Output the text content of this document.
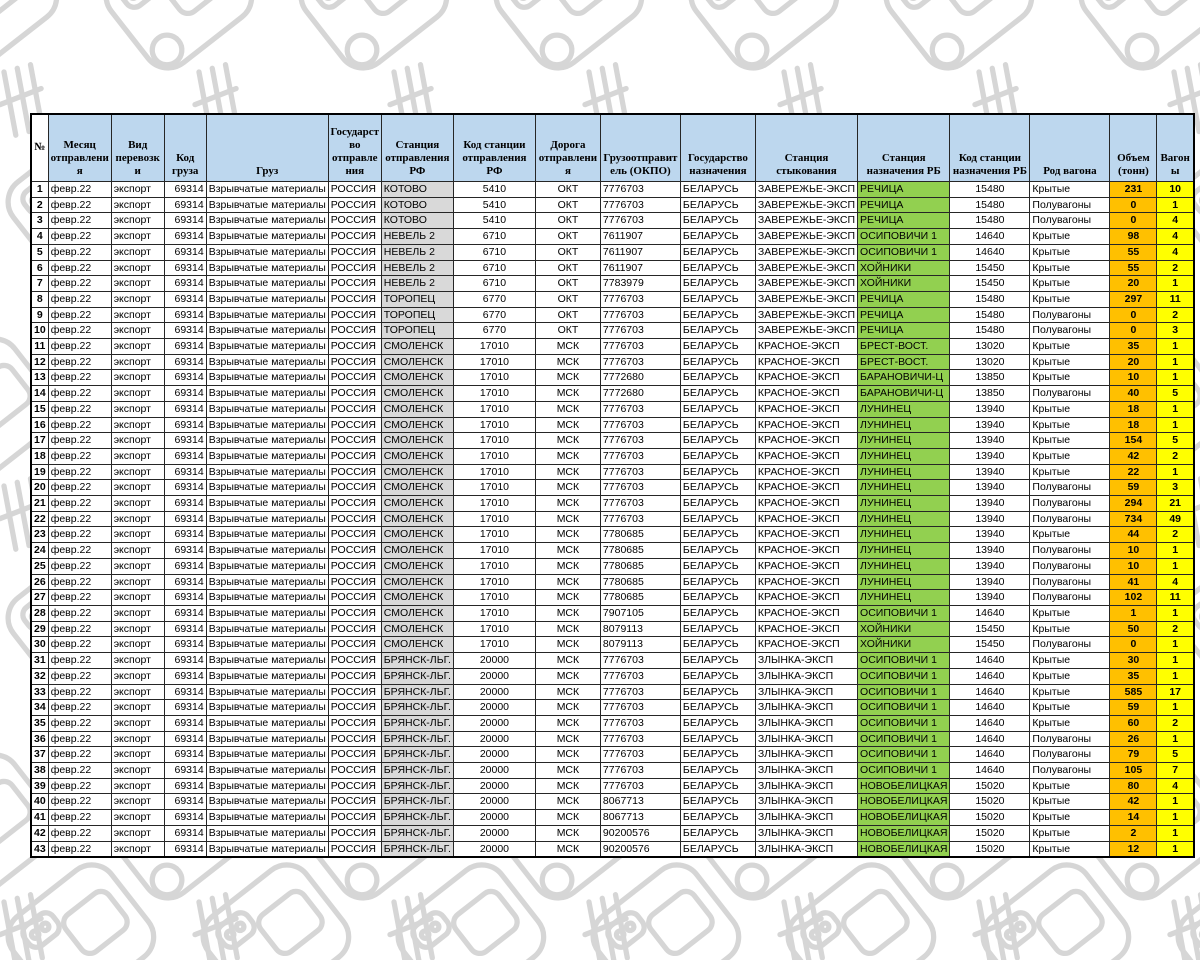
№	Месяц отправления	Вид перевозки	Код груза	Груз	Государство отправления	Станция отправления РФ	Код станции отправления РФ	Дорога отправления	Грузоотправитель (ОКПО)	Государство назначения	Станция стыкования	Станция назначения РБ	Код станции назначения РБ	Род вагона	Объем (тонн)	Вагоны
1	февр.22	экспорт	69314	Взрывчатые материалы	РОССИЯ	КОТОВО	5410	ОКТ	7776703	БЕЛАРУСЬ	ЗАВЕРЕЖЬЕ-ЭКСП	РЕЧИЦА	15480	Крытые	231	10
2	февр.22	экспорт	69314	Взрывчатые материалы	РОССИЯ	КОТОВО	5410	ОКТ	7776703	БЕЛАРУСЬ	ЗАВЕРЕЖЬЕ-ЭКСП	РЕЧИЦА	15480	Полувагоны	0	1
3	февр.22	экспорт	69314	Взрывчатые материалы	РОССИЯ	КОТОВО	5410	ОКТ	7776703	БЕЛАРУСЬ	ЗАВЕРЕЖЬЕ-ЭКСП	РЕЧИЦА	15480	Полувагоны	0	4
4	февр.22	экспорт	69314	Взрывчатые материалы	РОССИЯ	НЕВЕЛЬ 2	6710	ОКТ	7611907	БЕЛАРУСЬ	ЗАВЕРЕЖЬЕ-ЭКСП	ОСИПОВИЧИ 1	14640	Крытые	98	4
5	февр.22	экспорт	69314	Взрывчатые материалы	РОССИЯ	НЕВЕЛЬ 2	6710	ОКТ	7611907	БЕЛАРУСЬ	ЗАВЕРЕЖЬЕ-ЭКСП	ОСИПОВИЧИ 1	14640	Крытые	55	4
6	февр.22	экспорт	69314	Взрывчатые материалы	РОССИЯ	НЕВЕЛЬ 2	6710	ОКТ	7611907	БЕЛАРУСЬ	ЗАВЕРЕЖЬЕ-ЭКСП	ХОЙНИКИ	15450	Крытые	55	2
7	февр.22	экспорт	69314	Взрывчатые материалы	РОССИЯ	НЕВЕЛЬ 2	6710	ОКТ	7783979	БЕЛАРУСЬ	ЗАВЕРЕЖЬЕ-ЭКСП	ХОЙНИКИ	15450	Крытые	20	1
8	февр.22	экспорт	69314	Взрывчатые материалы	РОССИЯ	ТОРОПЕЦ	6770	ОКТ	7776703	БЕЛАРУСЬ	ЗАВЕРЕЖЬЕ-ЭКСП	РЕЧИЦА	15480	Крытые	297	11
9	февр.22	экспорт	69314	Взрывчатые материалы	РОССИЯ	ТОРОПЕЦ	6770	ОКТ	7776703	БЕЛАРУСЬ	ЗАВЕРЕЖЬЕ-ЭКСП	РЕЧИЦА	15480	Полувагоны	0	2
10	февр.22	экспорт	69314	Взрывчатые материалы	РОССИЯ	ТОРОПЕЦ	6770	ОКТ	7776703	БЕЛАРУСЬ	ЗАВЕРЕЖЬЕ-ЭКСП	РЕЧИЦА	15480	Полувагоны	0	3
11	февр.22	экспорт	69314	Взрывчатые материалы	РОССИЯ	СМОЛЕНСК	17010	МСК	7776703	БЕЛАРУСЬ	КРАСНОЕ-ЭКСП	БРЕСТ-ВОСТ.	13020	Крытые	35	1
12	февр.22	экспорт	69314	Взрывчатые материалы	РОССИЯ	СМОЛЕНСК	17010	МСК	7776703	БЕЛАРУСЬ	КРАСНОЕ-ЭКСП	БРЕСТ-ВОСТ.	13020	Крытые	20	1
13	февр.22	экспорт	69314	Взрывчатые материалы	РОССИЯ	СМОЛЕНСК	17010	МСК	7772680	БЕЛАРУСЬ	КРАСНОЕ-ЭКСП	БАРАНОВИЧИ-Ц	13850	Крытые	10	1
14	февр.22	экспорт	69314	Взрывчатые материалы	РОССИЯ	СМОЛЕНСК	17010	МСК	7772680	БЕЛАРУСЬ	КРАСНОЕ-ЭКСП	БАРАНОВИЧИ-Ц	13850	Полувагоны	40	5
15	февр.22	экспорт	69314	Взрывчатые материалы	РОССИЯ	СМОЛЕНСК	17010	МСК	7776703	БЕЛАРУСЬ	КРАСНОЕ-ЭКСП	ЛУНИНЕЦ	13940	Крытые	18	1
16	февр.22	экспорт	69314	Взрывчатые материалы	РОССИЯ	СМОЛЕНСК	17010	МСК	7776703	БЕЛАРУСЬ	КРАСНОЕ-ЭКСП	ЛУНИНЕЦ	13940	Крытые	18	1
17	февр.22	экспорт	69314	Взрывчатые материалы	РОССИЯ	СМОЛЕНСК	17010	МСК	7776703	БЕЛАРУСЬ	КРАСНОЕ-ЭКСП	ЛУНИНЕЦ	13940	Крытые	154	5
18	февр.22	экспорт	69314	Взрывчатые материалы	РОССИЯ	СМОЛЕНСК	17010	МСК	7776703	БЕЛАРУСЬ	КРАСНОЕ-ЭКСП	ЛУНИНЕЦ	13940	Крытые	42	2
19	февр.22	экспорт	69314	Взрывчатые материалы	РОССИЯ	СМОЛЕНСК	17010	МСК	7776703	БЕЛАРУСЬ	КРАСНОЕ-ЭКСП	ЛУНИНЕЦ	13940	Крытые	22	1
20	февр.22	экспорт	69314	Взрывчатые материалы	РОССИЯ	СМОЛЕНСК	17010	МСК	7776703	БЕЛАРУСЬ	КРАСНОЕ-ЭКСП	ЛУНИНЕЦ	13940	Полувагоны	59	3
21	февр.22	экспорт	69314	Взрывчатые материалы	РОССИЯ	СМОЛЕНСК	17010	МСК	7776703	БЕЛАРУСЬ	КРАСНОЕ-ЭКСП	ЛУНИНЕЦ	13940	Полувагоны	294	21
22	февр.22	экспорт	69314	Взрывчатые материалы	РОССИЯ	СМОЛЕНСК	17010	МСК	7776703	БЕЛАРУСЬ	КРАСНОЕ-ЭКСП	ЛУНИНЕЦ	13940	Полувагоны	734	49
23	февр.22	экспорт	69314	Взрывчатые материалы	РОССИЯ	СМОЛЕНСК	17010	МСК	7780685	БЕЛАРУСЬ	КРАСНОЕ-ЭКСП	ЛУНИНЕЦ	13940	Крытые	44	2
24	февр.22	экспорт	69314	Взрывчатые материалы	РОССИЯ	СМОЛЕНСК	17010	МСК	7780685	БЕЛАРУСЬ	КРАСНОЕ-ЭКСП	ЛУНИНЕЦ	13940	Полувагоны	10	1
25	февр.22	экспорт	69314	Взрывчатые материалы	РОССИЯ	СМОЛЕНСК	17010	МСК	7780685	БЕЛАРУСЬ	КРАСНОЕ-ЭКСП	ЛУНИНЕЦ	13940	Полувагоны	10	1
26	февр.22	экспорт	69314	Взрывчатые материалы	РОССИЯ	СМОЛЕНСК	17010	МСК	7780685	БЕЛАРУСЬ	КРАСНОЕ-ЭКСП	ЛУНИНЕЦ	13940	Полувагоны	41	4
27	февр.22	экспорт	69314	Взрывчатые материалы	РОССИЯ	СМОЛЕНСК	17010	МСК	7780685	БЕЛАРУСЬ	КРАСНОЕ-ЭКСП	ЛУНИНЕЦ	13940	Полувагоны	102	11
28	февр.22	экспорт	69314	Взрывчатые материалы	РОССИЯ	СМОЛЕНСК	17010	МСК	7907105	БЕЛАРУСЬ	КРАСНОЕ-ЭКСП	ОСИПОВИЧИ 1	14640	Крытые	1	1
29	февр.22	экспорт	69314	Взрывчатые материалы	РОССИЯ	СМОЛЕНСК	17010	МСК	8079113	БЕЛАРУСЬ	КРАСНОЕ-ЭКСП	ХОЙНИКИ	15450	Крытые	50	2
30	февр.22	экспорт	69314	Взрывчатые материалы	РОССИЯ	СМОЛЕНСК	17010	МСК	8079113	БЕЛАРУСЬ	КРАСНОЕ-ЭКСП	ХОЙНИКИ	15450	Полувагоны	0	1
31	февр.22	экспорт	69314	Взрывчатые материалы	РОССИЯ	БРЯНСК-ЛЬГ.	20000	МСК	7776703	БЕЛАРУСЬ	ЗЛЫНКА-ЭКСП	ОСИПОВИЧИ 1	14640	Крытые	30	1
32	февр.22	экспорт	69314	Взрывчатые материалы	РОССИЯ	БРЯНСК-ЛЬГ.	20000	МСК	7776703	БЕЛАРУСЬ	ЗЛЫНКА-ЭКСП	ОСИПОВИЧИ 1	14640	Крытые	35	1
33	февр.22	экспорт	69314	Взрывчатые материалы	РОССИЯ	БРЯНСК-ЛЬГ.	20000	МСК	7776703	БЕЛАРУСЬ	ЗЛЫНКА-ЭКСП	ОСИПОВИЧИ 1	14640	Крытые	585	17
34	февр.22	экспорт	69314	Взрывчатые материалы	РОССИЯ	БРЯНСК-ЛЬГ.	20000	МСК	7776703	БЕЛАРУСЬ	ЗЛЫНКА-ЭКСП	ОСИПОВИЧИ 1	14640	Крытые	59	1
35	февр.22	экспорт	69314	Взрывчатые материалы	РОССИЯ	БРЯНСК-ЛЬГ.	20000	МСК	7776703	БЕЛАРУСЬ	ЗЛЫНКА-ЭКСП	ОСИПОВИЧИ 1	14640	Крытые	60	2
36	февр.22	экспорт	69314	Взрывчатые материалы	РОССИЯ	БРЯНСК-ЛЬГ.	20000	МСК	7776703	БЕЛАРУСЬ	ЗЛЫНКА-ЭКСП	ОСИПОВИЧИ 1	14640	Полувагоны	26	1
37	февр.22	экспорт	69314	Взрывчатые материалы	РОССИЯ	БРЯНСК-ЛЬГ.	20000	МСК	7776703	БЕЛАРУСЬ	ЗЛЫНКА-ЭКСП	ОСИПОВИЧИ 1	14640	Полувагоны	79	5
38	февр.22	экспорт	69314	Взрывчатые материалы	РОССИЯ	БРЯНСК-ЛЬГ.	20000	МСК	7776703	БЕЛАРУСЬ	ЗЛЫНКА-ЭКСП	ОСИПОВИЧИ 1	14640	Полувагоны	105	7
39	февр.22	экспорт	69314	Взрывчатые материалы	РОССИЯ	БРЯНСК-ЛЬГ.	20000	МСК	7776703	БЕЛАРУСЬ	ЗЛЫНКА-ЭКСП	НОВОБЕЛИЦКАЯ	15020	Крытые	80	4
40	февр.22	экспорт	69314	Взрывчатые материалы	РОССИЯ	БРЯНСК-ЛЬГ.	20000	МСК	8067713	БЕЛАРУСЬ	ЗЛЫНКА-ЭКСП	НОВОБЕЛИЦКАЯ	15020	Крытые	42	1
41	февр.22	экспорт	69314	Взрывчатые материалы	РОССИЯ	БРЯНСК-ЛЬГ.	20000	МСК	8067713	БЕЛАРУСЬ	ЗЛЫНКА-ЭКСП	НОВОБЕЛИЦКАЯ	15020	Крытые	14	1
42	февр.22	экспорт	69314	Взрывчатые материалы	РОССИЯ	БРЯНСК-ЛЬГ.	20000	МСК	90200576	БЕЛАРУСЬ	ЗЛЫНКА-ЭКСП	НОВОБЕЛИЦКАЯ	15020	Крытые	2	1
43	февр.22	экспорт	69314	Взрывчатые материалы	РОССИЯ	БРЯНСК-ЛЬГ.	20000	МСК	90200576	БЕЛАРУСЬ	ЗЛЫНКА-ЭКСП	НОВОБЕЛИЦКАЯ	15020	Крытые	12	1
